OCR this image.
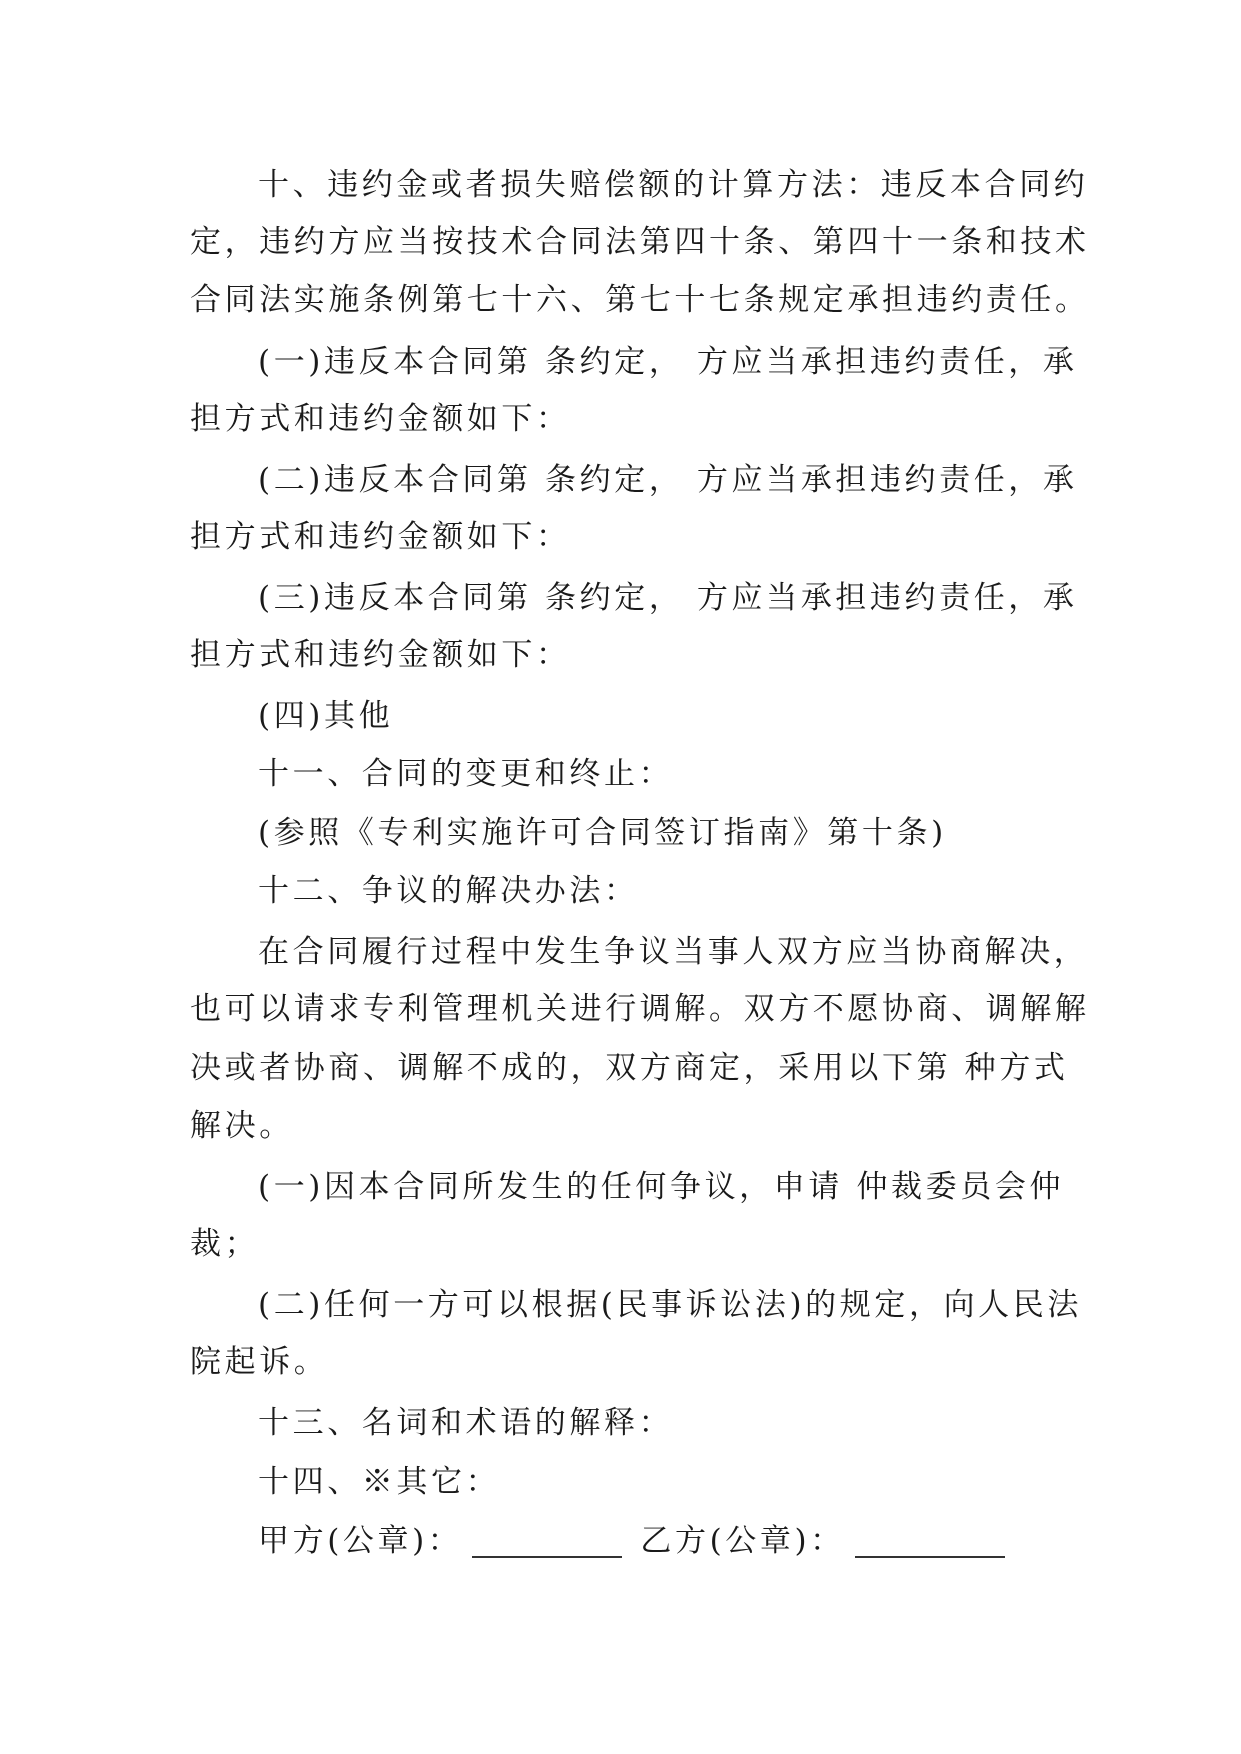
十、违约金或者损失赔偿额的计算方法：违反本合同约
定，违约方应当按技术合同法第四十条、第四十一条和技术
合同法实施条例第七十六、第七十七条规定承担违约责任。
(一)违反本合同第 条约定， 方应当承担违约责任，承
担方式和违约金额如下：
(二)违反本合同第 条约定， 方应当承担违约责任，承
担方式和违约金额如下：
(三)违反本合同第 条约定， 方应当承担违约责任，承
担方式和违约金额如下：
(四)其他
十一、合同的变更和终止：
(参照《专利实施许可合同签订指南》第十条)
十二、争议的解决办法：
在合同履行过程中发生争议当事人双方应当协商解决，
也可以请求专利管理机关进行调解。双方不愿协商、调解解
决或者协商、调解不成的，双方商定，采用以下第 种方式
解决。
(一)因本合同所发生的任何争议，申请 仲裁委员会仲
裁；
(二)任何一方可以根据(民事诉讼法)的规定，向人民法
院起诉。
十三、名词和术语的解释：
十四、※其它：
甲方(公章)：	乙方(公章)：
